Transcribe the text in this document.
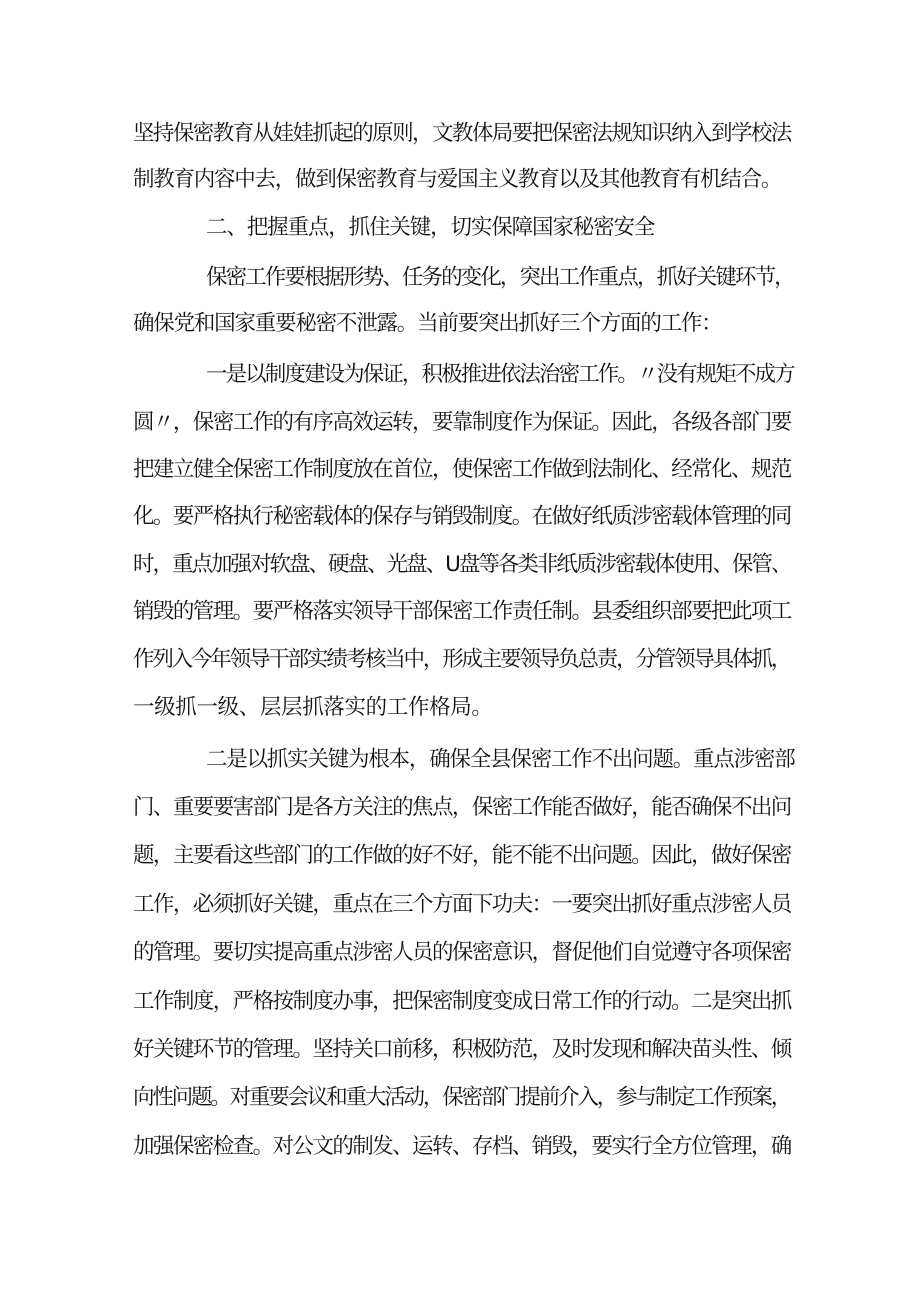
坚持保密教育从娃娃抓起的原则，文教体局要把保密法规知识纳入到学校法
制教育内容中去，做到保密教育与爱国主义教育以及其他教育有机结合。
二、把握重点，抓住关键，切实保障国家秘密安全
保密工作要根据形势、任务的变化，突出工作重点，抓好关键环节，
确保党和国家重要秘密不泄露。当前要突出抓好三个方面的工作：
一是以制度建设为保证，积极推进依法治密工作。〃没有规矩不成方
圆〃，保密工作的有序高效运转，要靠制度作为保证。因此，各级各部门要
把建立健全保密工作制度放在首位，使保密工作做到法制化、经常化、规范
化。要严格执行秘密载体的保存与销毁制度。在做好纸质涉密载体管理的同
时，重点加强对软盘、硬盘、光盘、U盘等各类非纸质涉密载体使用、保管、
销毁的管理。要严格落实领导干部保密工作责任制。县委组织部要把此项工
作列入今年领导干部实绩考核当中，形成主要领导负总责，分管领导具体抓，
一级抓一级、层层抓落实的工作格局。
二是以抓实关键为根本，确保全县保密工作不出问题。重点涉密部
门、重要要害部门是各方关注的焦点，保密工作能否做好，能否确保不出问
题，主要看这些部门的工作做的好不好，能不能不出问题。因此，做好保密
工作，必须抓好关键，重点在三个方面下功夫：一要突出抓好重点涉密人员
的管理。要切实提高重点涉密人员的保密意识，督促他们自觉遵守各项保密
工作制度，严格按制度办事，把保密制度变成日常工作的行动。二是突出抓
好关键环节的管理。坚持关口前移，积极防范，及时发现和解决苗头性、倾
向性问题。对重要会议和重大活动，保密部门提前介入，参与制定工作预案，
加强保密检查。对公文的制发、运转、存档、销毁，要实行全方位管理，确
